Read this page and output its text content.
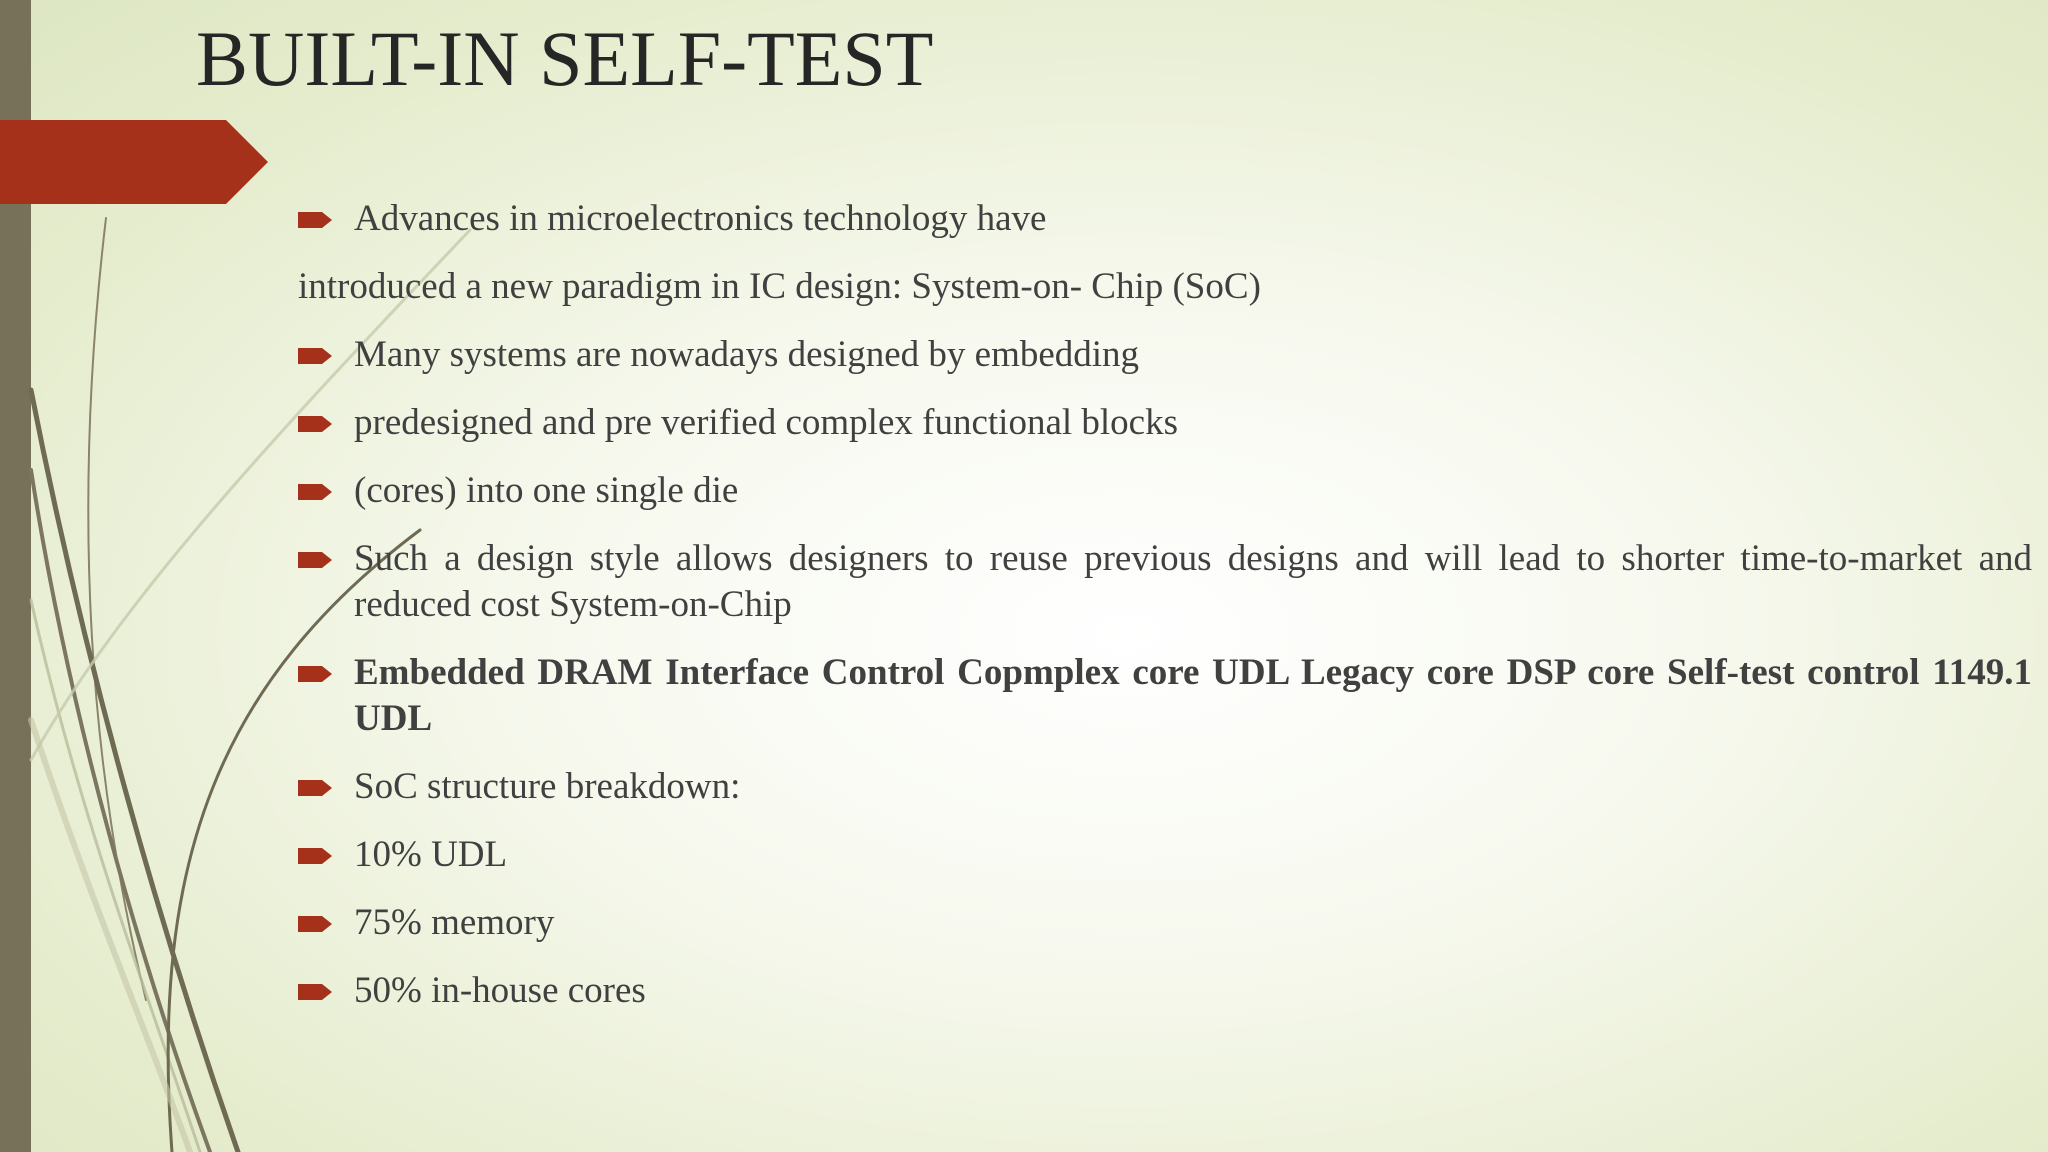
BUILT-IN SELF-TEST

Advances in microelectronics technology have

introduced a new paradigm in IC design: System-on- Chip (SoC)

Many systems are nowadays designed by embedding

predesigned and pre verified complex functional blocks

(cores) into one single die

Such a design style allows designers to reuse previous designs and will lead to shorter time-to-market and reduced cost System-on-Chip

Embedded DRAM Interface Control Copmplex core UDL Legacy core DSP core Self-test control 1149.1 UDL

SoC structure breakdown:

10% UDL

75% memory

50% in-house cores
